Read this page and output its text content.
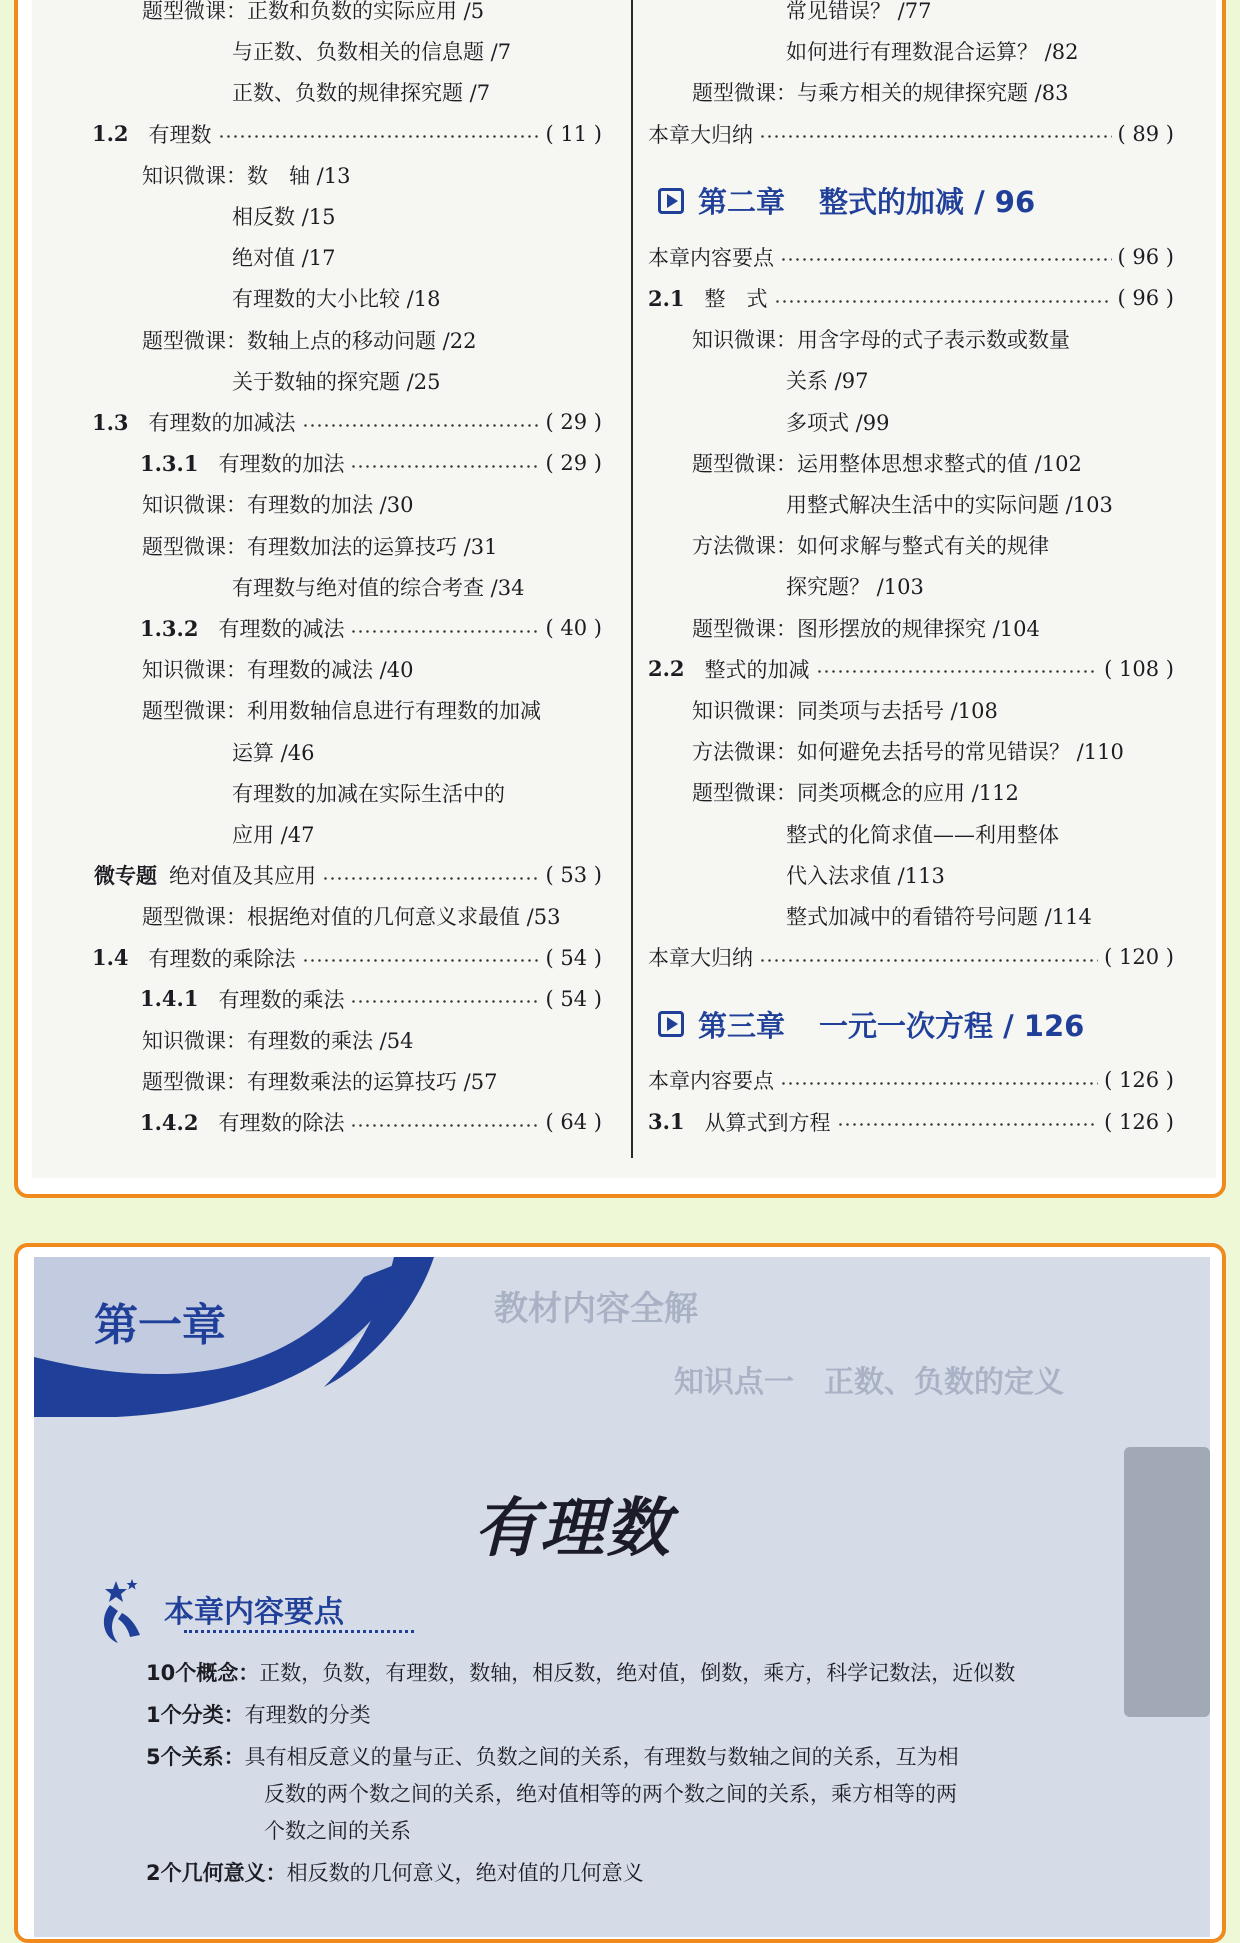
题型微课：正数和负数的实际应用 /5
与正数、负数相关的信息题 /7
正数、负数的规律探究题 /7
1.2 有理数	( 11 )
知识微课：数　轴 /13
相反数 /15
绝对值 /17
有理数的大小比较 /18
题型微课：数轴上点的移动问题 /22
关于数轴的探究题 /25
1.3 有理数的加减法	( 29 )
1.3.1 有理数的加法	( 29 )
知识微课：有理数的加法 /30
题型微课：有理数加法的运算技巧 /31
有理数与绝对值的综合考查 /34
1.3.2 有理数的减法	( 40 )
知识微课：有理数的减法 /40
题型微课：利用数轴信息进行有理数的加减
运算 /46
有理数的加减在实际生活中的
应用 /47
微专题 绝对值及其应用	( 53 )
题型微课：根据绝对值的几何意义求最值 /53
1.4 有理数的乘除法	( 54 )
1.4.1 有理数的乘法	( 54 )
知识微课：有理数的乘法 /54
题型微课：有理数乘法的运算技巧 /57
1.4.2 有理数的除法	( 64 )
常见错误？ /77
如何进行有理数混合运算？ /82
题型微课：与乘方相关的规律探究题 /83
本章大归纳	( 89 )
第二章 整式的加减 / 96
本章内容要点	( 96 )
2.1 整　式	( 96 )
知识微课：用含字母的式子表示数或数量
关系 /97
多项式 /99
题型微课：运用整体思想求整式的值 /102
用整式解决生活中的实际问题 /103
方法微课：如何求解与整式有关的规律
探究题？ /103
题型微课：图形摆放的规律探究 /104
2.2 整式的加减	( 108 )
知识微课：同类项与去括号 /108
方法微课：如何避免去括号的常见错误？ /110
题型微课：同类项概念的应用 /112
整式的化简求值——利用整体
代入法求值 /113
整式加减中的看错符号问题 /114
本章大归纳	( 120 )
第三章 一元一次方程 / 126
本章内容要点	( 126 )
3.1 从算式到方程	( 126 )
第一章	教材内容全解
知识点一　正数、负数的定义
有理数
本章内容要点
10个概念：正数，负数，有理数，数轴，相反数，绝对值，倒数，乘方，科学记数法，近似数
1个分类：有理数的分类
5个关系：具有相反意义的量与正、负数之间的关系，有理数与数轴之间的关系，互为相
反数的两个数之间的关系，绝对值相等的两个数之间的关系，乘方相等的两
个数之间的关系
2个几何意义：相反数的几何意义，绝对值的几何意义
